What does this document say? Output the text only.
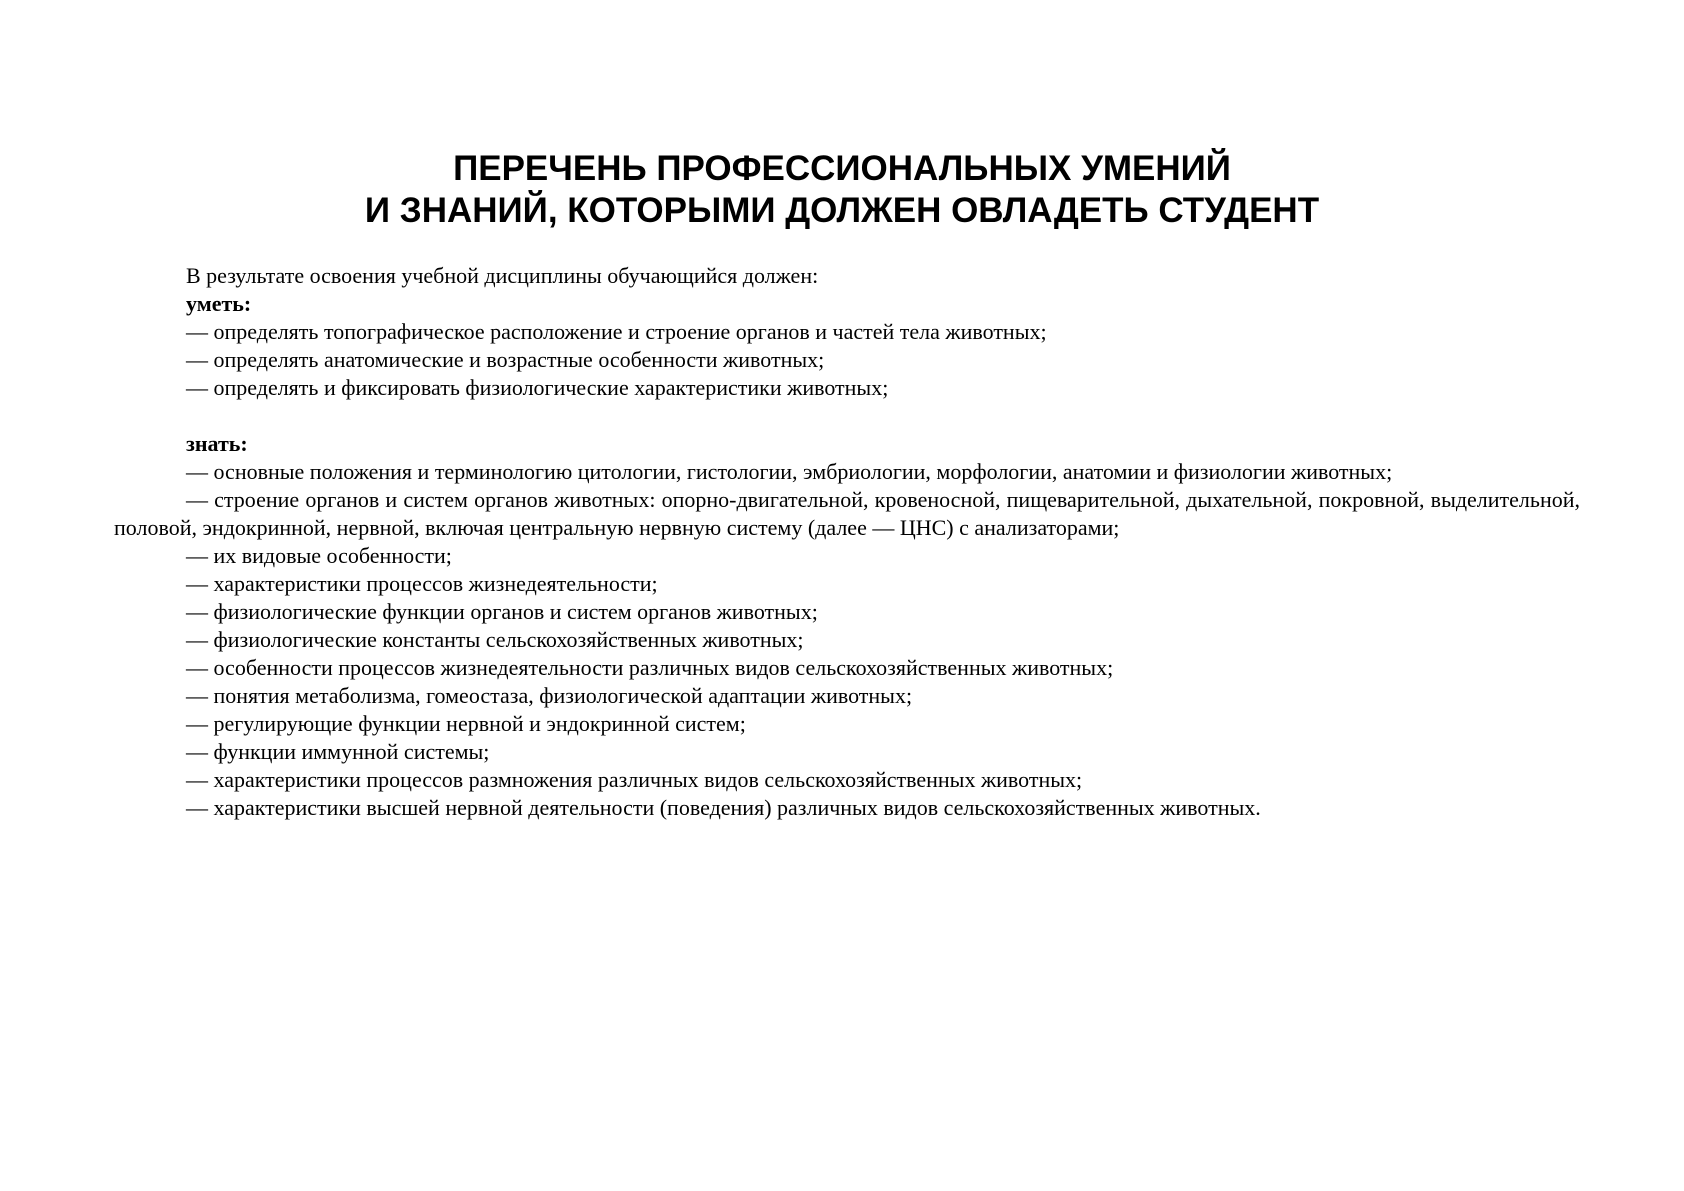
ПЕРЕЧЕНЬ ПРОФЕССИОНАЛЬНЫХ УМЕНИЙ
И ЗНАНИЙ, КОТОРЫМИ ДОЛЖЕН ОВЛАДЕТЬ СТУДЕНТ

В результате освоения учебной дисциплины обучающийся должен:

уметь:

— определять топографическое расположение и строение органов и частей тела животных;

— определять анатомические и возрастные особенности животных;

— определять и фиксировать физиологические характеристики животных;

знать:

— основные положения и терминологию цитологии, гистологии, эмбриологии, морфологии, анатомии и физиологии животных;

— строение органов и систем органов животных: опорно-двигательной, кровеносной, пищеварительной, дыхательной, покровной, выделительной, половой, эндокринной, нервной, включая центральную нервную систему (далее — ЦНС) с анализаторами;

— их видовые особенности;

— характеристики процессов жизнедеятельности;

— физиологические функции органов и систем органов животных;

— физиологические константы сельскохозяйственных животных;

— особенности процессов жизнедеятельности различных видов сельскохозяйственных животных;

— понятия метаболизма, гомеостаза, физиологической адаптации животных;

— регулирующие функции нервной и эндокринной систем;

— функции иммунной системы;

— характеристики процессов размножения различных видов сельскохозяйственных животных;

— характеристики высшей нервной деятельности (поведения) различных видов сельскохозяйственных животных.
